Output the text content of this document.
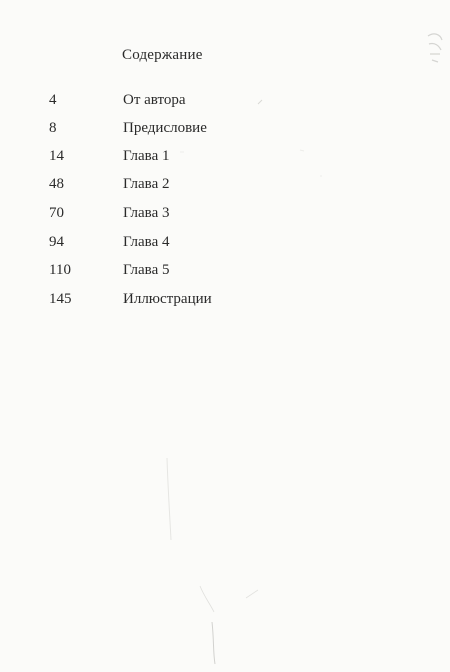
Содержание
4	От автора
8	Предисловие
14	Глава 1
48	Глава 2
70	Глава 3
94	Глава 4
110	Глава 5
145	Иллюстрации
